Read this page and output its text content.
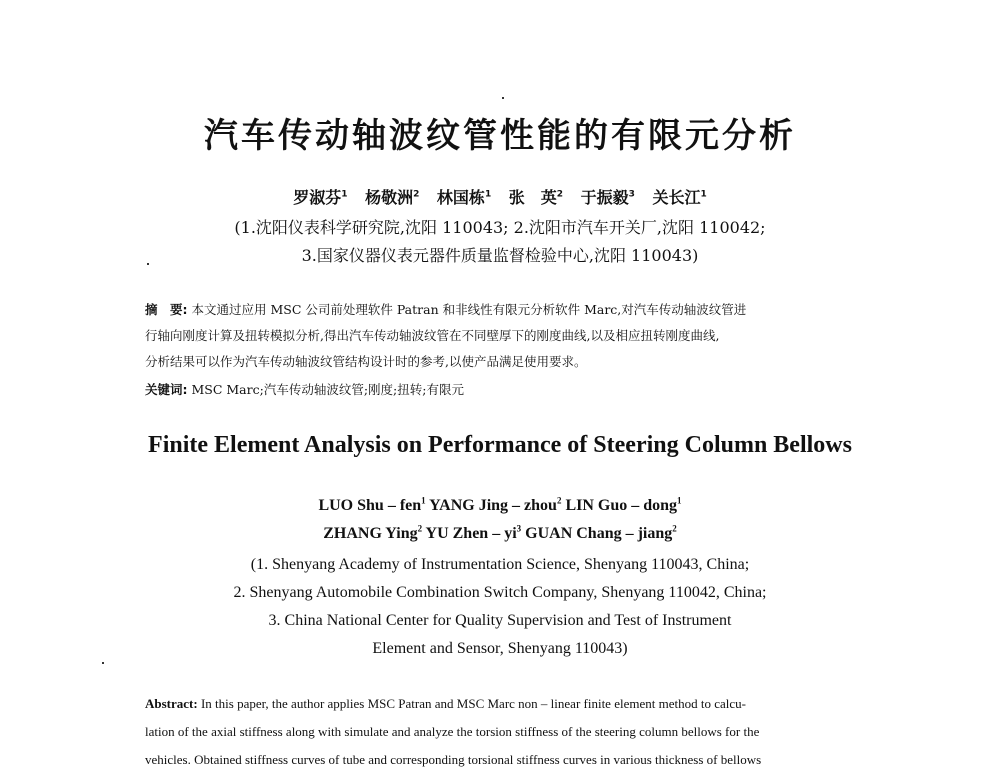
汽车传动轴波纹管性能的有限元分析
罗淑芬$^1$ 杨敬洲$^2$ 林国栋$^1$ 张　英$^2$ 于振毅$^3$ 关长江$^1$
(1.沈阳仪表科学研究院,沈阳 110043; 2.沈阳市汽车开关厂,沈阳 110042;
3.国家仪器仪表元器件质量监督检验中心,沈阳 110043)
摘　要: 本文通过应用 MSC 公司前处理软件 Patran 和非线性有限元分析软件 Marc,对汽车传动轴波纹管进
行轴向刚度计算及扭转模拟分析,得出汽车传动轴波纹管在不同壁厚下的刚度曲线,以及相应扭转刚度曲线,
分析结果可以作为汽车传动轴波纹管结构设计时的参考,以使产品满足使用要求。
关键词: MSC Marc;汽车传动轴波纹管;刚度;扭转;有限元
Finite Element Analysis on Performance of Steering Column Bellows
LUO Shu – fen$^1$ YANG Jing – zhou$^2$ LIN Guo – dong$^1$
ZHANG Ying$^2$ YU Zhen – $yi^3$ GUAN Chang – jiang$^2$
(1. Shenyang Academy of Instrumentation Science, Shenyang 110043, China;
2. Shenyang Automobile Combination Switch Company, Shenyang 110042, China;
3. China National Center for Quality Supervision and Test of Instrument
Element and Sensor, Shenyang 110043)
Abstract: In this paper, the author applies MSC Patran and MSC Marc non – linear finite element method to calcu-
lation of the axial stiffness along with simulate and analyze the torsion stiffness of the steering column bellows for the
vehicles. Obtained stiffness curves of tube and corresponding torsional stiffness curves in various thickness of bellows
